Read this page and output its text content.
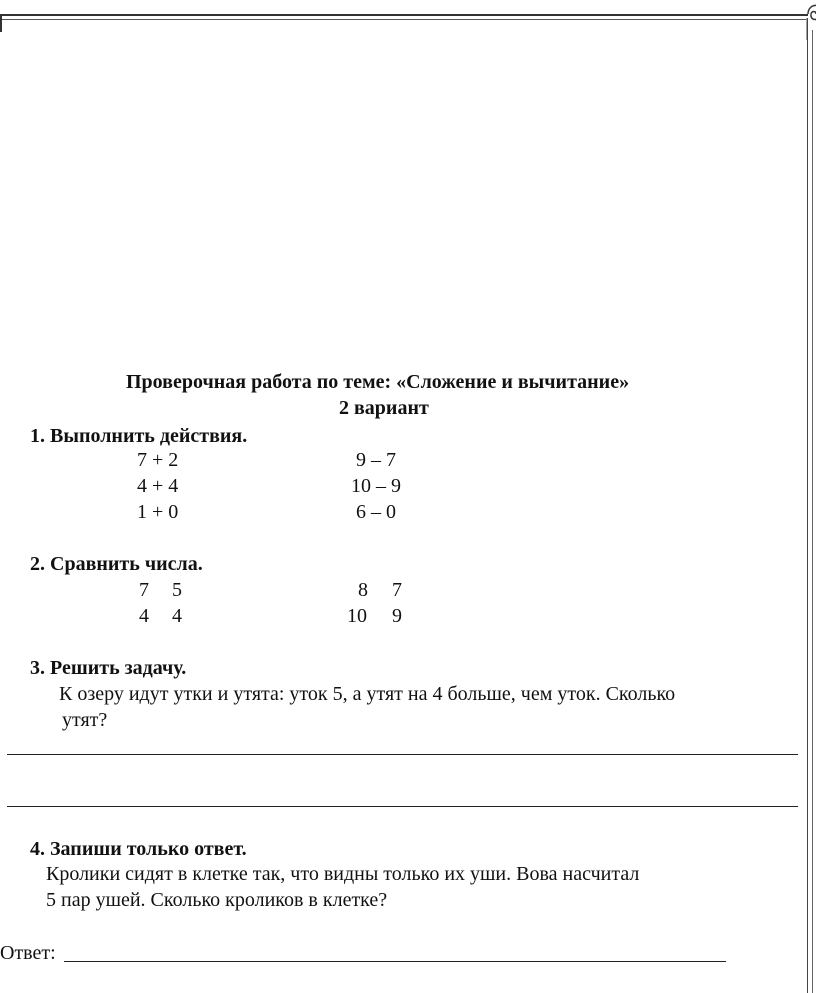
Проверочная работа по теме: «Сложение и вычитание»
2 вариант
1. Выполнить действия.
7 + 2
4 + 4
1 + 0
9 – 7
10 – 9
6 – 0
2. Сравнить числа.
7 5	8 7
4 4	10 9
3. Решить задачу.
К озеру идут утки и утята: уток 5, а утят на 4 больше, чем уток. Сколько
утят?
4. Запиши только ответ.
Кролики сидят в клетке так, что видны только их уши. Вова насчитал
5 пар ушей. Сколько кроликов в клетке?
Ответ:
